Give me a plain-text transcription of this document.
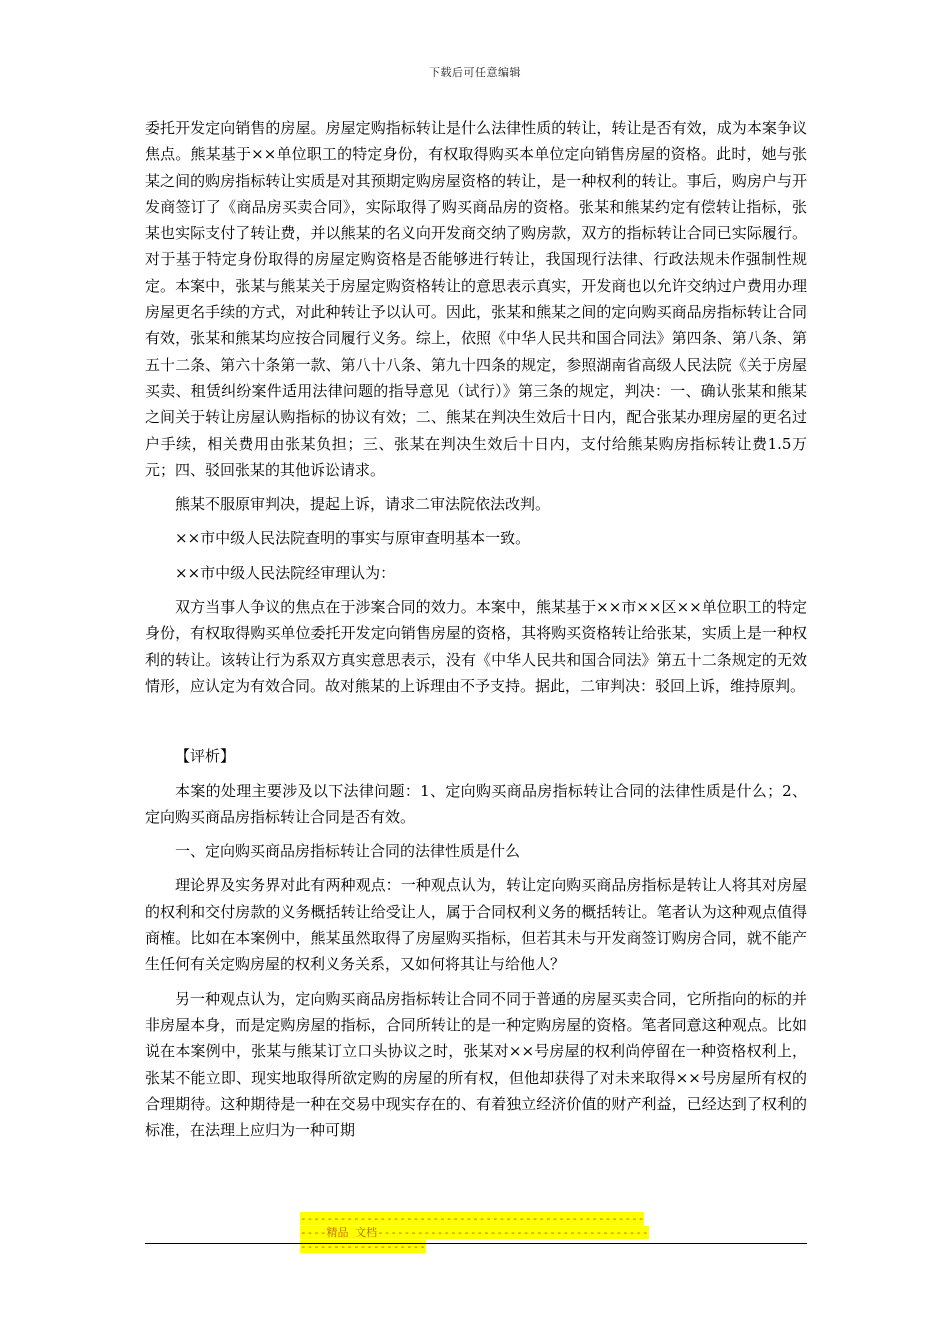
下载后可任意编辑

委托开发定向销售的房屋。房屋定购指标转让是什么法律性质的转让，转让是否有效，成为本案争议焦点。熊某基于××单位职工的特定身份，有权取得购买本单位定向销售房屋的资格。此时，她与张某之间的购房指标转让实质是对其预期定购房屋资格的转让，是一种权利的转让。事后，购房户与开发商签订了《商品房买卖合同》，实际取得了购买商品房的资格。张某和熊某约定有偿转让指标，张某也实际支付了转让费，并以熊某的名义向开发商交纳了购房款，双方的指标转让合同已实际履行。对于基于特定身份取得的房屋定购资格是否能够进行转让，我国现行法律、行政法规未作强制性规定。本案中，张某与熊某关于房屋定购资格转让的意思表示真实，开发商也以允许交纳过户费用办理房屋更名手续的方式，对此种转让予以认可。因此，张某和熊某之间的定向购买商品房指标转让合同有效，张某和熊某均应按合同履行义务。综上，依照《中华人民共和国合同法》第四条、第八条、第五十二条、第六十条第一款、第八十八条、第九十四条的规定，参照湖南省高级人民法院《关于房屋买卖、租赁纠纷案件适用法律问题的指导意见（试行）》第三条的规定，判决：一、确认张某和熊某之间关于转让房屋认购指标的协议有效；二、熊某在判决生效后十日内，配合张某办理房屋的更名过户手续，相关费用由张某负担；三、张某在判决生效后十日内，支付给熊某购房指标转让费1.5万元；四、驳回张某的其他诉讼请求。

熊某不服原审判决，提起上诉，请求二审法院依法改判。

××市中级人民法院查明的事实与原审查明基本一致。

××市中级人民法院经审理认为：

双方当事人争议的焦点在于涉案合同的效力。本案中，熊某基于××市××区××单位职工的特定身份，有权取得购买单位委托开发定向销售房屋的资格，其将购买资格转让给张某，实质上是一种权利的转让。该转让行为系双方真实意思表示，没有《中华人民共和国合同法》第五十二条规定的无效情形，应认定为有效合同。故对熊某的上诉理由不予支持。据此，二审判决：驳回上诉，维持原判。

【评析】

本案的处理主要涉及以下法律问题：1、定向购买商品房指标转让合同的法律性质是什么；2、定向购买商品房指标转让合同是否有效。

一、定向购买商品房指标转让合同的法律性质是什么

理论界及实务界对此有两种观点：一种观点认为，转让定向购买商品房指标是转让人将其对房屋的权利和交付房款的义务概括转让给受让人，属于合同权利义务的概括转让。笔者认为这种观点值得商榷。比如在本案例中，熊某虽然取得了房屋购买指标，但若其未与开发商签订购房合同，就不能产生任何有关定购房屋的权利义务关系，又如何将其让与给他人？

另一种观点认为，定向购买商品房指标转让合同不同于普通的房屋买卖合同，它所指向的标的并非房屋本身，而是定购房屋的指标，合同所转让的是一种定购房屋的资格。笔者同意这种观点。比如说在本案例中，张某与熊某订立口头协议之时，张某对××号房屋的权利尚停留在一种资格权利上，张某不能立即、现实地取得所欲定购的房屋的所有权，但他却获得了对未来取得××号房屋所有权的合理期待。这种期待是一种在交易中现实存在的、有着独立经济价值的财产利益，已经达到了权利的标准，在法理上应归为一种可期

--------------------------------------------------------精品 文档------------------------------------------------------------
